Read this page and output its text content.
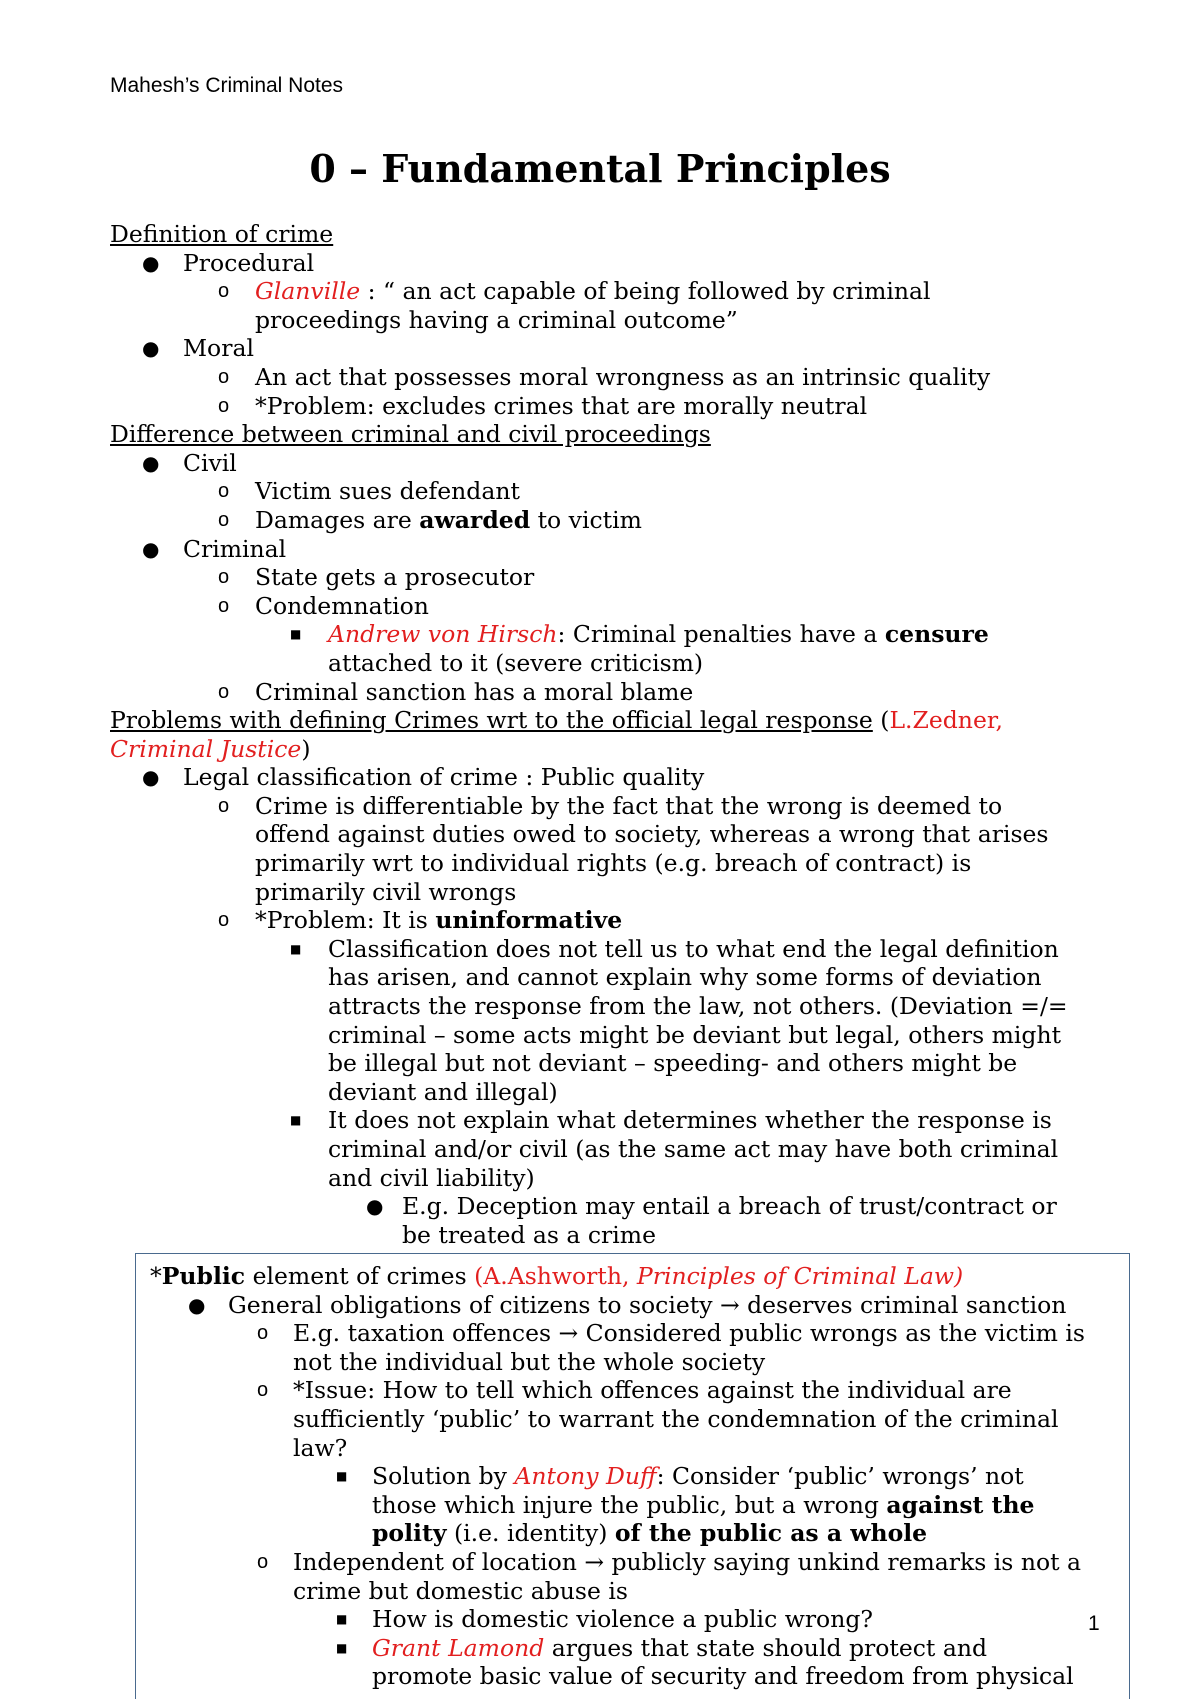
Mahesh’s Criminal Notes
0 – Fundamental Principles
Definition of crime
● Procedural
o Glanville : “ an act capable of being followed by criminal
proceedings having a criminal outcome”
● Moral
o An act that possesses moral wrongness as an intrinsic quality
o *Problem: excludes crimes that are morally neutral
Difference between criminal and civil proceedings
● Civil
o Victim sues defendant
o Damages are awarded to victim
● Criminal
o State gets a prosecutor
o Condemnation
■ Andrew von Hirsch: Criminal penalties have a censure
attached to it (severe criticism)
o Criminal sanction has a moral blame
Problems with defining Crimes wrt to the official legal response (L.Zedner,
Criminal Justice)
● Legal classification of crime : Public quality
o Crime is differentiable by the fact that the wrong is deemed to
offend against duties owed to society, whereas a wrong that arises
primarily wrt to individual rights (e.g. breach of contract) is
primarily civil wrongs
o *Problem: It is uninformative
■ Classification does not tell us to what end the legal definition
has arisen, and cannot explain why some forms of deviation
attracts the response from the law, not others. (Deviation =/=
criminal – some acts might be deviant but legal, others might
be illegal but not deviant – speeding- and others might be
deviant and illegal)
■ It does not explain what determines whether the response is
criminal and/or civil (as the same act may have both criminal
and civil liability)
● E.g. Deception may entail a breach of trust/contract or
be treated as a crime
*Public element of crimes (A.Ashworth, Principles of Criminal Law)
● General obligations of citizens to society → deserves criminal sanction
o E.g. taxation offences → Considered public wrongs as the victim is
not the individual but the whole society
o *Issue: How to tell which offences against the individual are
sufficiently ‘public’ to warrant the condemnation of the criminal
law?
■ Solution by Antony Duff: Consider ‘public’ wrongs’ not
those which injure the public, but a wrong against the
polity (i.e. identity) of the public as a whole
o Independent of location → publicly saying unkind remarks is not a
crime but domestic abuse is
■ How is domestic violence a public wrong?
■ Grant Lamond argues that state should protect and
promote basic value of security and freedom from physical
1
